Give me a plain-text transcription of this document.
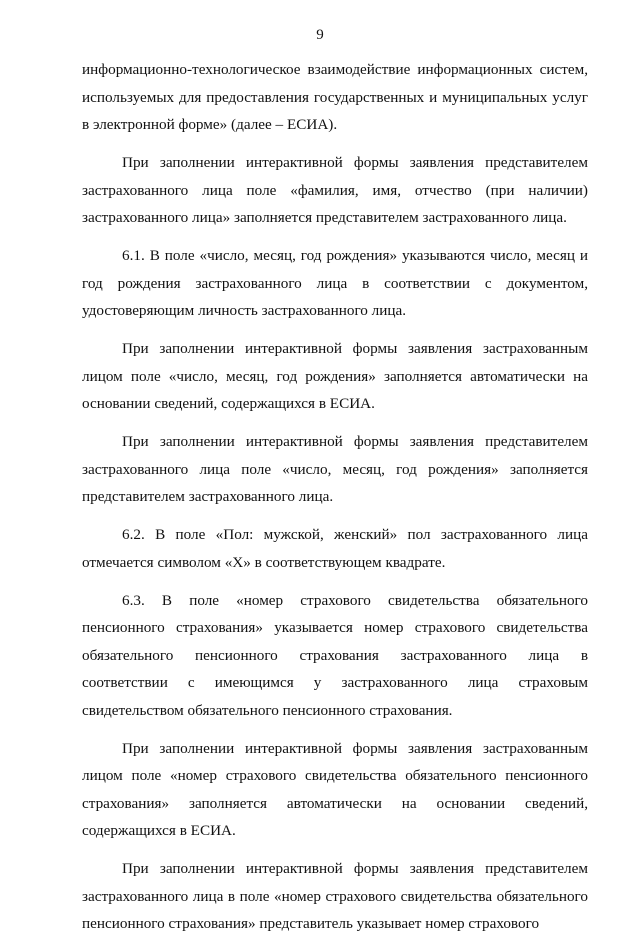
9

информационно-технологическое взаимодействие информационных систем, используемых для предоставления государственных и муниципальных услуг в электронной форме» (далее – ЕСИА).

При заполнении интерактивной формы заявления представителем застрахованного лица поле «фамилия, имя, отчество (при наличии) застрахованного лица» заполняется представителем застрахованного лица.

6.1. В поле «число, месяц, год рождения» указываются число, месяц и год рождения застрахованного лица в соответствии с документом, удостоверяющим личность застрахованного лица.

При заполнении интерактивной формы заявления застрахованным лицом поле «число, месяц, год рождения» заполняется автоматически на основании сведений, содержащихся в ЕСИА.

При заполнении интерактивной формы заявления представителем застрахованного лица поле «число, месяц, год рождения» заполняется представителем застрахованного лица.

6.2. В поле «Пол: мужской, женский» пол застрахованного лица отмечается символом «Х» в соответствующем квадрате.

6.3. В поле «номер страхового свидетельства обязательного пенсионного страхования» указывается номер страхового свидетельства обязательного пенсионного страхования застрахованного лица в соответствии с имеющимся у застрахованного лица страховым свидетельством обязательного пенсионного страхования.

При заполнении интерактивной формы заявления застрахованным лицом поле «номер страхового свидетельства обязательного пенсионного страхования» заполняется автоматически на основании сведений, содержащихся в ЕСИА.

При заполнении интерактивной формы заявления представителем застрахованного лица в поле «номер страхового свидетельства обязательного пенсионного страхования» представитель указывает номер страхового
